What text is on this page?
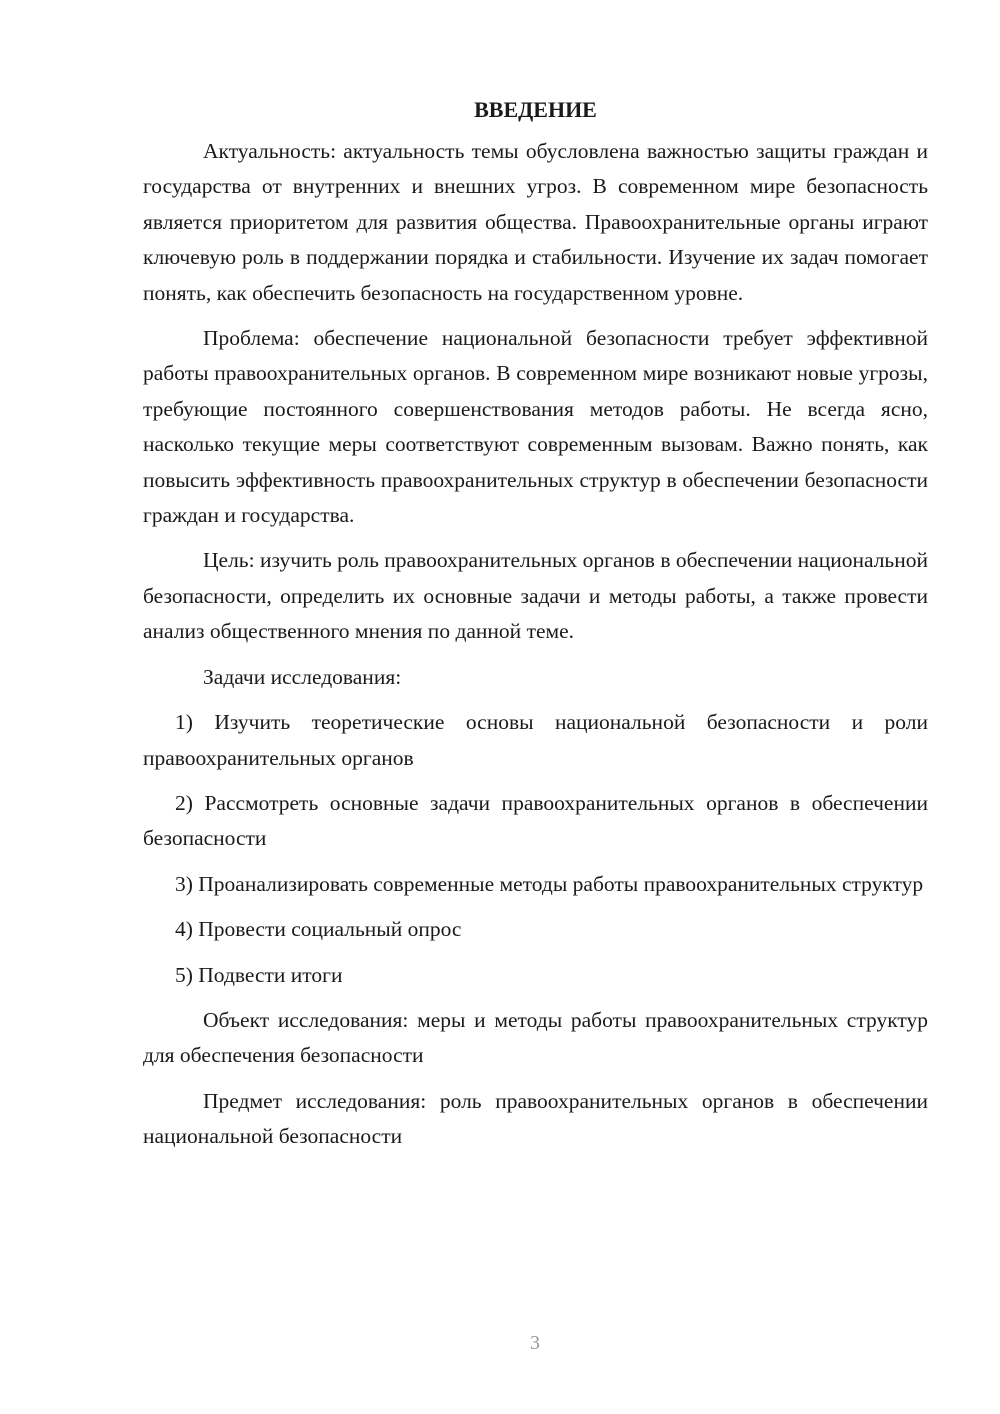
ВВЕДЕНИЕ

Актуальность: актуальность темы обусловлена важностью защиты граждан и государства от внутренних и внешних угроз. В современном мире безопасность является приоритетом для развития общества. Правоохранительные органы играют ключевую роль в поддержании порядка и стабильности. Изучение их задач помогает понять, как обеспечить безопасность на государственном уровне.

Проблема: обеспечение национальной безопасности требует эффективной работы правоохранительных органов. В современном мире возникают новые угрозы, требующие постоянного совершенствования методов работы. Не всегда ясно, насколько текущие меры соответствуют современным вызовам. Важно понять, как повысить эффективность правоохранительных структур в обеспечении безопасности граждан и государства.

Цель: изучить роль правоохранительных органов в обеспечении национальной безопасности, определить их основные задачи и методы работы, а также провести анализ общественного мнения по данной теме.

Задачи исследования:

1) Изучить теоретические основы национальной безопасности и роли правоохранительных органов

2) Рассмотреть основные задачи правоохранительных органов в обеспечении безопасности

3) Проанализировать современные методы работы правоохранительных структур

4) Провести социальный опрос

5) Подвести итоги

Объект исследования: меры и методы работы правоохранительных структур для обеспечения безопасности

Предмет исследования: роль правоохранительных органов в обеспечении национальной безопасности

3
